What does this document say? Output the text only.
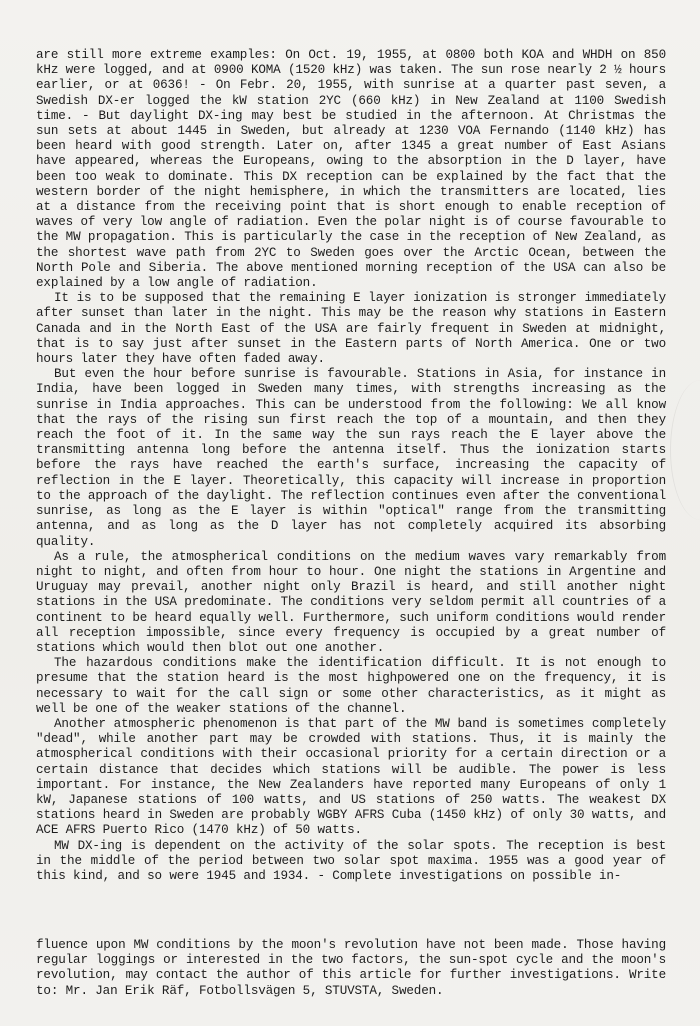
are still more extreme examples: On Oct. 19, 1955, at 0800 both KOA and WHDH on 850 kHz were logged, and at 0900 KOMA (1520 kHz) was taken. The sun rose nearly 2 ½ hours earlier, or at 0636! - On Febr. 20, 1955, with sunrise at a quarter past seven, a Swedish DX-er logged the kW station 2YC (660 kHz) in New Zealand at 1100 Swedish time. - But daylight DX-ing may best be studied in the afternoon. At Christmas the sun sets at about 1445 in Sweden, but already at 1230 VOA Fernando (1140 kHz) has been heard with good strength. Later on, after 1345 a great number of East Asians have appeared, whereas the Europeans, owing to the absorption in the D layer, have been too weak to dominate. This DX reception can be explained by the fact that the western border of the night hemisphere, in which the transmitters are located, lies at a distance from the receiving point that is short enough to enable reception of waves of very low angle of radiation. Even the polar night is of course favourable to the MW propagation. This is particularly the case in the reception of New Zealand, as the shortest wave path from 2YC to Sweden goes over the Arctic Ocean, between the North Pole and Siberia. The above mentioned morning reception of the USA can also be explained by a low angle of radiation.

It is to be supposed that the remaining E layer ionization is stronger immediately after sunset than later in the night. This may be the reason why stations in Eastern Canada and in the North East of the USA are fairly frequent in Sweden at midnight, that is to say just after sunset in the Eastern parts of North America. One or two hours later they have often faded away.

But even the hour before sunrise is favourable. Stations in Asia, for instance in India, have been logged in Sweden many times, with strengths increasing as the sunrise in India approaches. This can be understood from the following: We all know that the rays of the rising sun first reach the top of a mountain, and then they reach the foot of it. In the same way the sun rays reach the E layer above the transmitting antenna long before the antenna itself. Thus the ionization starts before the rays have reached the earth's surface, increasing the capacity of reflection in the E layer. Theoretically, this capacity will increase in proportion to the approach of the daylight. The reflection continues even after the conventional sunrise, as long as the E layer is within "optical" range from the transmitting antenna, and as long as the D layer has not completely acquired its absorbing quality.

As a rule, the atmospherical conditions on the medium waves vary remarkably from night to night, and often from hour to hour. One night the stations in Argentine and Uruguay may prevail, another night only Brazil is heard, and still another night stations in the USA predominate. The conditions very seldom permit all countries of a continent to be heard equally well. Furthermore, such uniform conditions would render all reception impossible, since every frequency is occupied by a great number of stations which would then blot out one another.

The hazardous conditions make the identification difficult. It is not enough to presume that the station heard is the most highpowered one on the frequency, it is necessary to wait for the call sign or some other characteristics, as it might as well be one of the weaker stations of the channel.

Another atmospheric phenomenon is that part of the MW band is sometimes completely "dead", while another part may be crowded with stations. Thus, it is mainly the atmospherical conditions with their occasional priority for a certain direction or a certain distance that decides which stations will be audible. The power is less important. For instance, the New Zealanders have reported many Europeans of only 1 kW, Japanese stations of 100 watts, and US stations of 250 watts. The weakest DX stations heard in Sweden are probably WGBY AFRS Cuba (1450 kHz) of only 30 watts, and ACE AFRS Puerto Rico (1470 kHz) of 50 watts.

MW DX-ing is dependent on the activity of the solar spots. The reception is best in the middle of the period between two solar spot maxima. 1955 was a good year of this kind, and so were 1945 and 1934. - Complete investigations on possible in-

fluence upon MW conditions by the moon's revolution have not been made. Those having regular loggings or interested in the two factors, the sun-spot cycle and the moon's revolution, may contact the author of this article for further investigations. Write to: Mr. Jan Erik Räf, Fotbollsvägen 5, STUVSTA, Sweden.
